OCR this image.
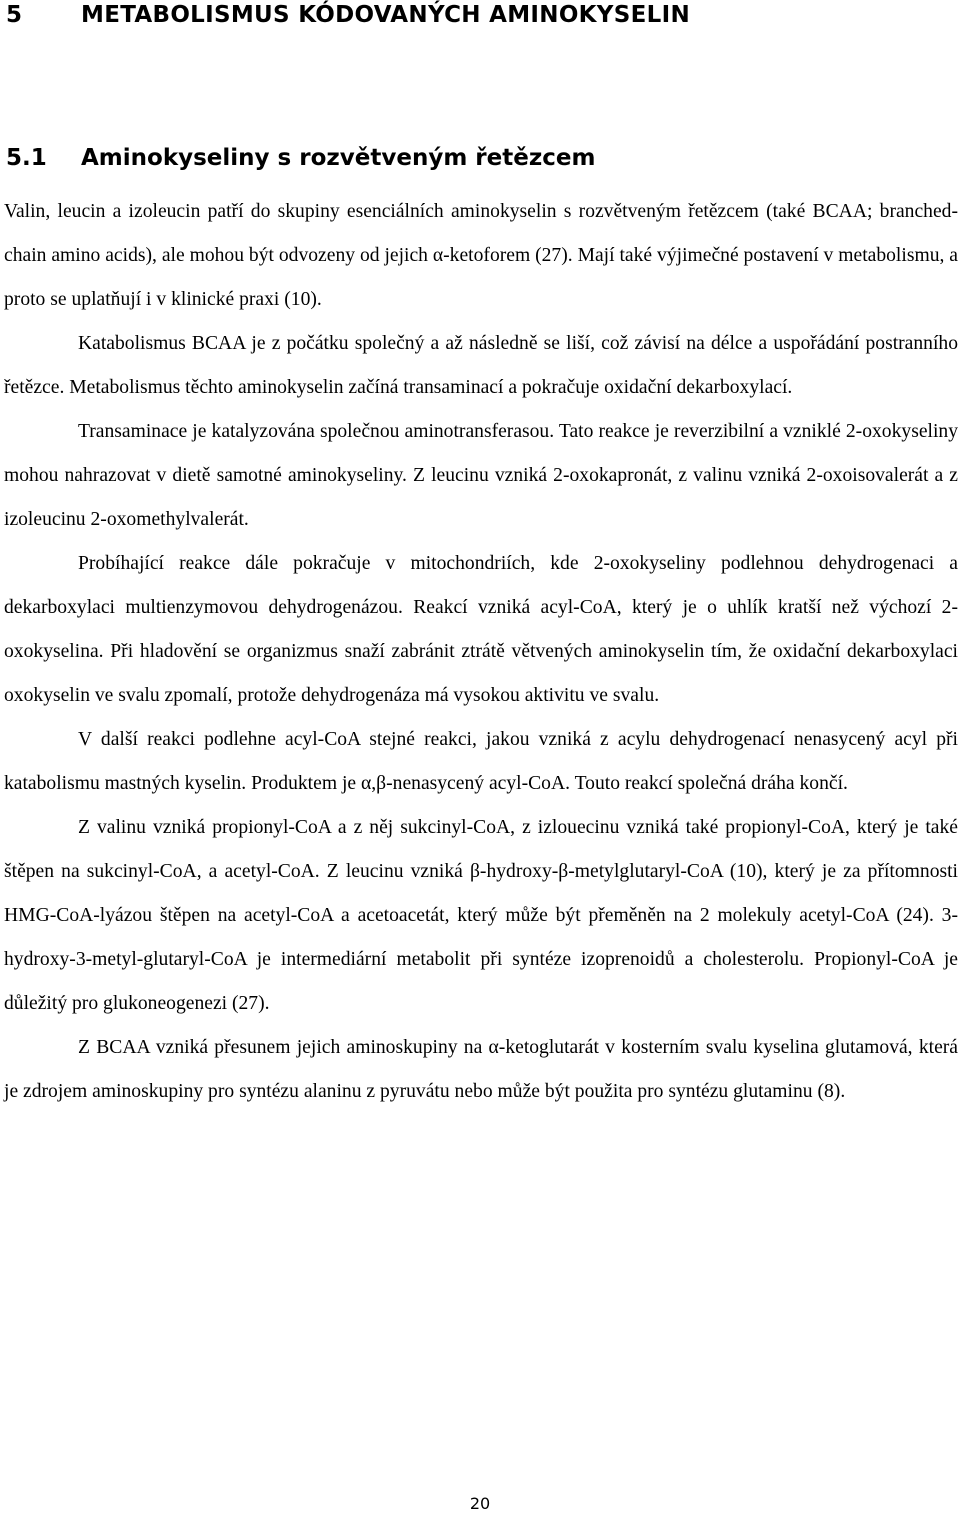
5	METABOLISMUS KÓDOVANÝCH AMINOKYSELIN
5.1 Aminokyseliny s rozvětveným řetězcem

Valin, leucin a izoleucin patří do skupiny esenciálních aminokyselin s rozvětveným řetězcem (také BCAA; branched-chain amino acids), ale mohou být odvozeny od jejich α-ketoforem (27). Mají také výjimečné postavení v metabolismu, a proto se uplatňují i v klinické praxi (10).

Katabolismus BCAA je z počátku společný a až následně se liší, což závisí na délce a uspořádání postranního řetězce. Metabolismus těchto aminokyselin začíná transaminací a pokračuje oxidační dekarboxylací.

Transaminace je katalyzována společnou aminotransferasou. Tato reakce je reverzibilní a vzniklé 2-oxokyseliny mohou nahrazovat v dietě samotné aminokyseliny. Z leucinu vzniká 2-oxokapronát, z valinu vzniká 2-oxoisovalerát a z izoleucinu 2-oxomethylvalerát.

Probíhající reakce dále pokračuje v mitochondriích, kde 2-oxokyseliny podlehnou dehydrogenaci a dekarboxylaci multienzymovou dehydrogenázou. Reakcí vzniká acyl-CoA, který je o uhlík kratší než výchozí 2-oxokyselina. Při hladovění se organizmus snaží zabránit ztrátě větvených aminokyselin tím, že oxidační dekarboxylaci oxokyselin ve svalu zpomalí, protože dehydrogenáza má vysokou aktivitu ve svalu.

V další reakci podlehne acyl-CoA stejné reakci, jakou vzniká z acylu dehydrogenací nenasycený acyl při katabolismu mastných kyselin. Produktem je α,β-nenasycený acyl-CoA. Touto reakcí společná dráha končí.

Z valinu vzniká propionyl-CoA a z něj sukcinyl-CoA, z izlouecinu vzniká také propionyl-CoA, který je také štěpen na sukcinyl-CoA, a acetyl-CoA. Z leucinu vzniká β-hydroxy-β-metylglutaryl-CoA (10), který je za přítomnosti HMG-CoA-lyázou štěpen na acetyl-CoA a acetoacetát, který může být přeměněn na 2 molekuly acetyl-CoA (24). 3-hydroxy-3-metyl-glutaryl-CoA je intermediární metabolit při syntéze izoprenoidů a cholesterolu. Propionyl-CoA je důležitý pro glukoneogenezi (27).

Z BCAA vzniká přesunem jejich aminoskupiny na α-ketoglutarát v kosterním svalu kyselina glutamová, která je zdrojem aminoskupiny pro syntézu alaninu z pyruvátu nebo může být použita pro syntézu glutaminu (8).

20
